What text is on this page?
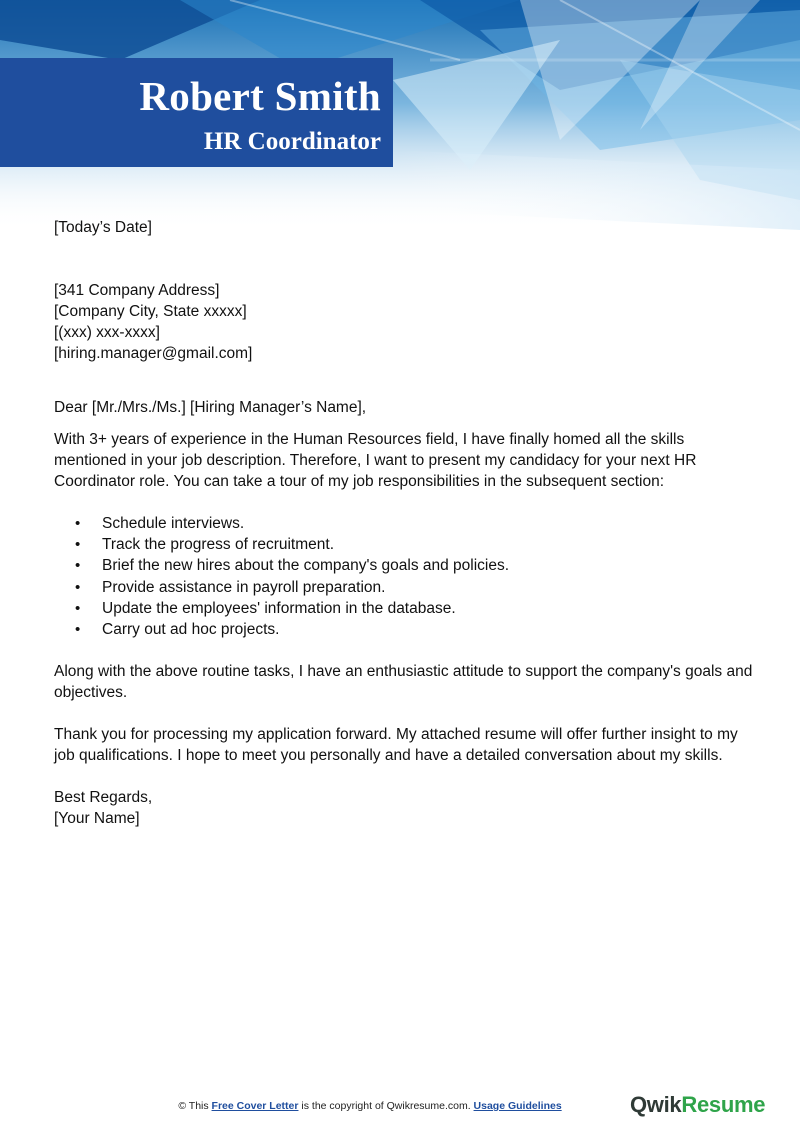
Robert Smith
HR Coordinator

[Today’s Date]

[341 Company Address]

[Company City, State xxxxx]

[(xxx) xxx-xxxx]

[hiring.manager@gmail.com]

Dear [Mr./Mrs./Ms.] [Hiring Manager’s Name],

With 3+ years of experience in the Human Resources field, I have finally homed all the skills mentioned in your job description. Therefore, I want to present my candidacy for your next HR Coordinator role. You can take a tour of my job responsibilities in the subsequent section:

• Schedule interviews.
• Track the progress of recruitment.
• Brief the new hires about the company's goals and policies.
• Provide assistance in payroll preparation.
• Update the employees' information in the database.
• Carry out ad hoc projects.

Along with the above routine tasks, I have an enthusiastic attitude to support the company's goals and objectives.

Thank you for processing my application forward. My attached resume will offer further insight to my job qualifications. I hope to meet you personally and have a detailed conversation about my skills.

Best Regards,

[Your Name]

© This Free Cover Letter is the copyright of Qwikresume.com. Usage Guidelines	QwikResume
